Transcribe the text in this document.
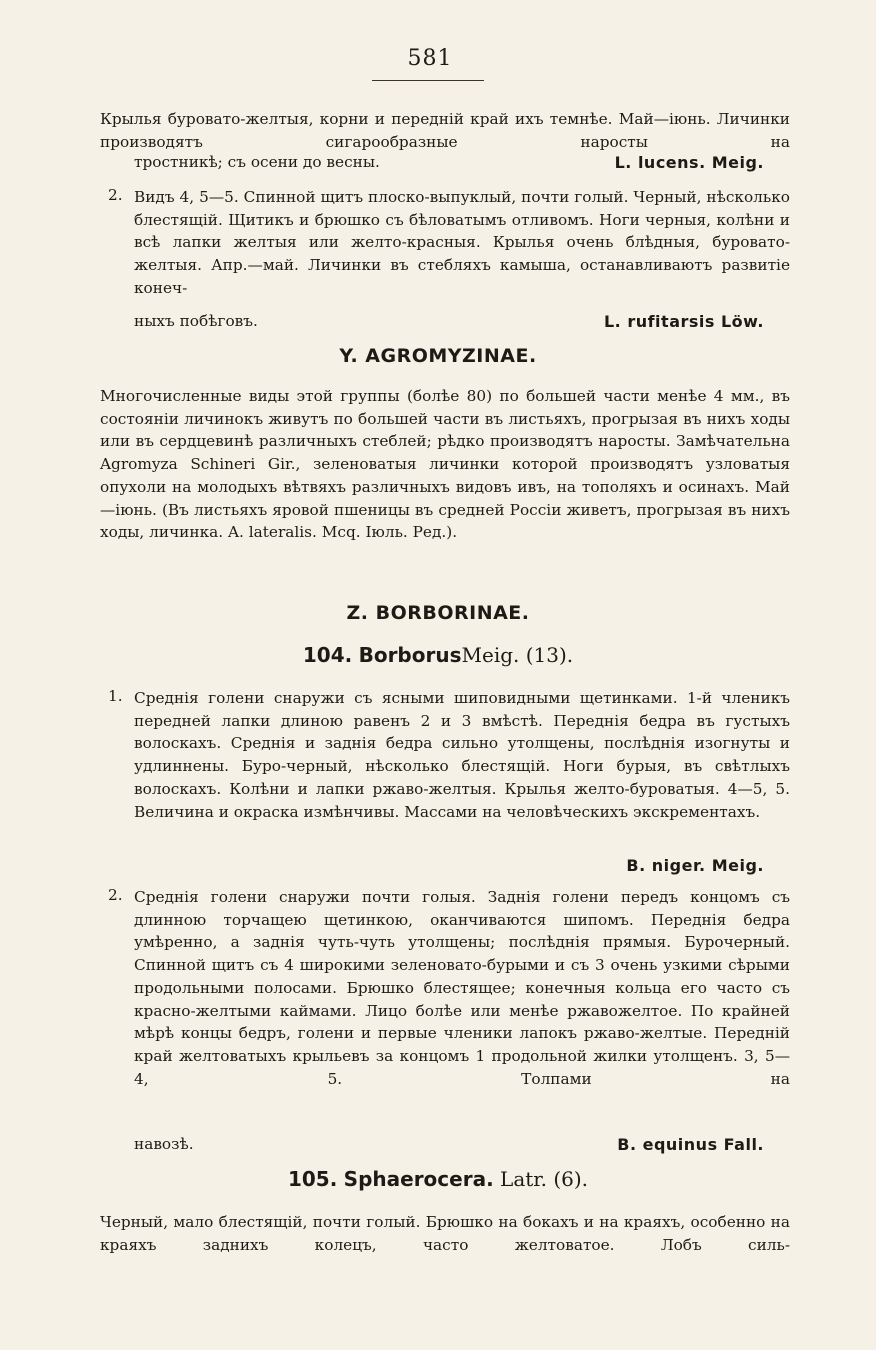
581

Крылья буровато-желтыя, корни и передній край ихъ темнѣе. Май—іюнь. Личинки производятъ сигарообразные наросты на

тростникѣ; съ осени до весны.	L. lucens. Meig.
2. Видъ 4, 5—5. Спинной щитъ плоско-выпуклый, почти голый. Черный, нѣсколько блестящій. Щитикъ и брюшко съ бѣловатымъ отливомъ. Ноги черныя, колѣни и всѣ лапки желтыя или желто-красныя. Крылья очень блѣдныя, буровато-желтыя. Апр.—май. Личинки въ стебляхъ камыша, останавливаютъ развитіе конеч-

ныхъ побѣговъ.	L. rufitarsis Löw.
Y. AGROMYZINAE.

Многочисленные виды этой группы (болѣе 80) по большей части менѣе 4 мм., въ состояніи личинокъ живутъ по большей части въ листьяхъ, прогрызая въ нихъ ходы или въ сердцевинѣ различныхъ стеблей; рѣдко производятъ наросты. Замѣчательна Agromyza Schineri Gir., зеленоватыя личинки которой производятъ узловатыя опухоли на молодыхъ вѣтвяхъ различныхъ видовъ ивъ, на тополяхъ и осинахъ. Май—іюнь. (Въ листьяхъ яровой пшеницы въ средней Россіи живетъ, прогрызая въ нихъ ходы, личинка. A. lateralis. Mcq. Іюль. Ред.).

Z. BORBORINAE.
104. BorborusMeig. (13).
1. Среднія голени снаружи съ ясными шиповидными щетинками. 1-й членикъ передней лапки длиною равенъ 2 и 3 вмѣстѣ. Переднія бедра въ густыхъ волоскахъ. Среднія и заднія бедра сильно утолщены, послѣднія изогнуты и удлиннены. Буро-черный, нѣсколько блестящій. Ноги бурыя, въ свѣтлыхъ волоскахъ. Колѣни и лапки ржаво-желтыя. Крылья желто-буроватыя. 4—5, 5. Величина и окраска измѣнчивы. Массами на человѣческихъ экскрементахъ.

B. niger. Meig.
2. Среднія голени снаружи почти голыя. Заднія голени передъ концомъ съ длинною торчащею щетинкою, оканчиваются шипомъ. Переднія бедра умѣренно, а заднія чуть-чуть утолщены; послѣднія прямыя. Бурочерный. Спинной щитъ съ 4 широкими зеленовато-бурыми и съ 3 очень узкими сѣрыми продольными полосами. Брюшко блестящее; конечныя кольца его часто съ красно-желтыми каймами. Лицо болѣе или менѣе ржавожелтое. По крайней мѣрѣ концы бедръ, голени и первые членики лапокъ ржаво-желтые. Передній край желтоватыхъ крыльевъ за концомъ 1 продольной жилки утолщенъ. 3, 5—4, 5. Толпами на

навозѣ.	B. equinus Fall.
105. Sphaerocera. Latr. (6).

Черный, мало блестящій, почти голый. Брюшко на бокахъ и на краяхъ, особенно на краяхъ заднихъ колецъ, часто желтоватое. Лобъ силь-
